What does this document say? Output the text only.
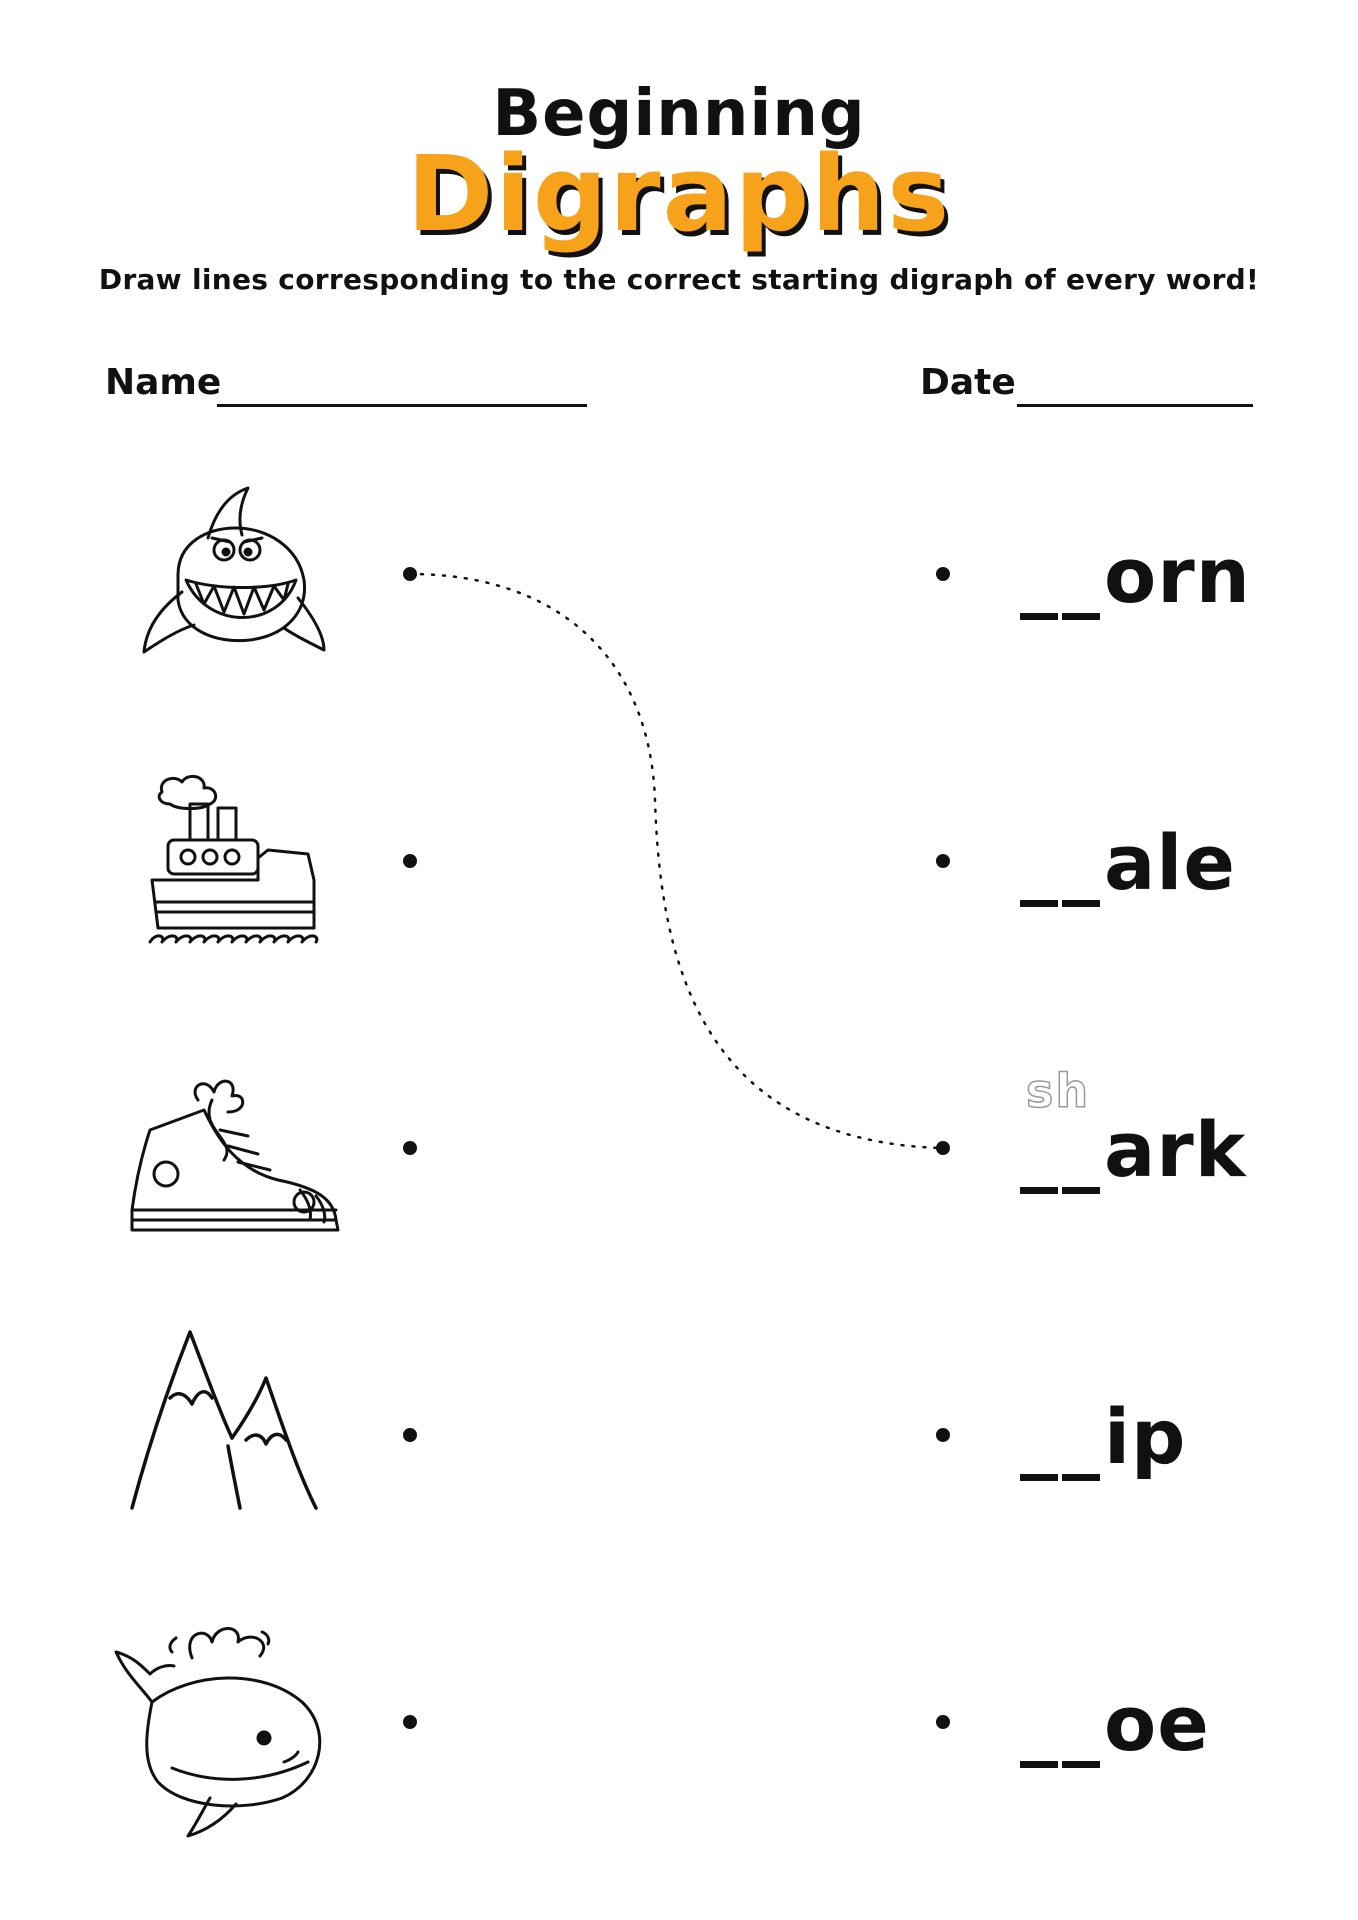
Beginning
Digraphs
Draw lines corresponding to the correct starting digraph of every word!
Name	Date
__orn
__ale
sh
__ark
__ip
__oe
